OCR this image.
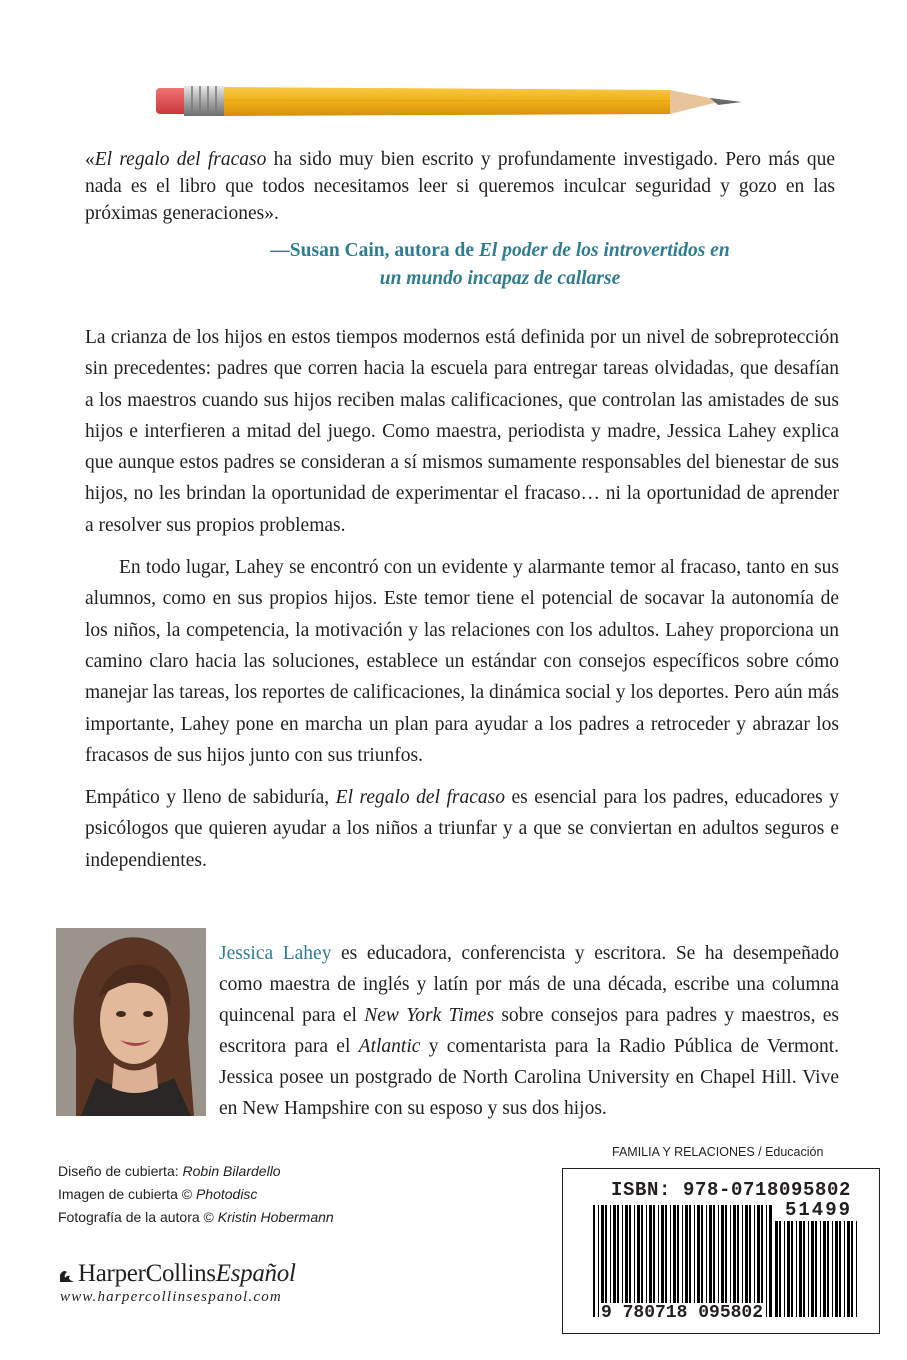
«El regalo del fracaso ha sido muy bien escrito y profundamente investigado. Pero más que nada es el libro que todos necesitamos leer si queremos inculcar seguridad y gozo en las próximas generaciones».
—Susan Cain, autora de El poder de los introvertidos en
un mundo incapaz de callarse

La crianza de los hijos en estos tiempos modernos está definida por un nivel de sobreprotección sin precedentes: padres que corren hacia la escuela para entregar tareas olvidadas, que desafían a los maestros cuando sus hijos reciben malas calificaciones, que controlan las amistades de sus hijos e interfieren a mitad del juego. Como maestra, periodista y madre, Jessica Lahey explica que aunque estos padres se consideran a sí mismos sumamente responsables del bienestar de sus hijos, no les brindan la oportunidad de experimentar el fracaso… ni la oportunidad de aprender a resolver sus propios problemas.

En todo lugar, Lahey se encontró con un evidente y alarmante temor al fracaso, tanto en sus alumnos, como en sus propios hijos. Este temor tiene el potencial de socavar la autonomía de los niños, la competencia, la motivación y las relaciones con los adultos. Lahey proporciona un camino claro hacia las soluciones, establece un estándar con consejos específicos sobre cómo manejar las tareas, los reportes de calificaciones, la dinámica social y los deportes. Pero aún más importante, Lahey pone en marcha un plan para ayudar a los padres a retroceder y abrazar los fracasos de sus hijos junto con sus triunfos.

Empático y lleno de sabiduría, El regalo del fracaso es esencial para los padres, educadores y psicólogos que quieren ayudar a los niños a triunfar y a que se conviertan en adultos seguros e independientes.

Jessica Lahey es educadora, conferencista y escritora. Se ha desempeñado como maestra de inglés y latín por más de una década, escribe una columna quincenal para el New York Times sobre consejos para padres y maestros, es escritora para el Atlantic y comentarista para la Radio Pública de Vermont. Jessica posee un postgrado de North Carolina University en Chapel Hill. Vive en New Hampshire con su esposo y sus dos hijos.
Diseño de cubierta: Robin Bilardello
Imagen de cubierta © Photodisc
Fotografía de la autora © Kristin Hobermann
HarperCollinsEspañol
www.harpercollinsespanol.com
FAMILIA Y RELACIONES / Educación
ISBN: 978-0718095802
51499
9 780718 095802
